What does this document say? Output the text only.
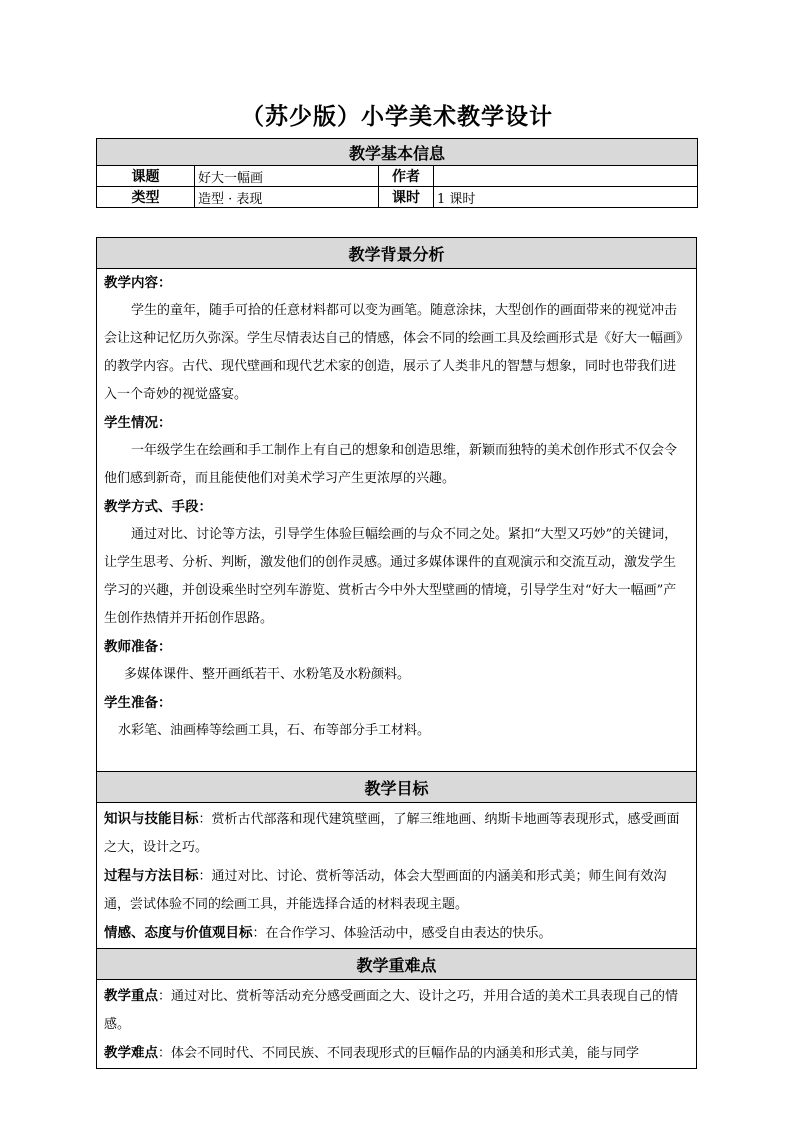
（苏少版）小学美术教学设计
教学基本信息			
课题	好大一幅画	作者	
类型	造型 · 表现	课时	1 课时
教学背景分析

教学内容：

学生的童年，随手可拾的任意材料都可以变为画笔。随意涂抹，大型创作的画面带来的视觉冲击会让这种记忆历久弥深。学生尽情表达自己的情感，体会不同的绘画工具及绘画形式是《好大一幅画》的教学内容。古代、现代壁画和现代艺术家的创造，展示了人类非凡的智慧与想象，同时也带我们进入一个奇妙的视觉盛宴。

学生情况：

一年级学生在绘画和手工制作上有自己的想象和创造思维，新颖而独特的美术创作形式不仅会令他们感到新奇，而且能使他们对美术学习产生更浓厚的兴趣。

教学方式、手段：

通过对比、讨论等方法，引导学生体验巨幅绘画的与众不同之处。紧扣“大型又巧妙”的关键词，让学生思考、分析、判断，激发他们的创作灵感。通过多媒体课件的直观演示和交流互动，激发学生学习的兴趣，并创设乘坐时空列车游览、赏析古今中外大型壁画的情境，引导学生对“好大一幅画”产生创作热情并开拓创作思路。

教师准备：

多媒体课件、整开画纸若干、水粉笔及水粉颜料。

学生准备：

水彩笔、油画棒等绘画工具，石、布等部分手工材料。

教学目标

知识与技能目标：赏析古代部落和现代建筑壁画，了解三维地画、纳斯卡地画等表现形式，感受画面之大，设计之巧。

过程与方法目标：通过对比、讨论、赏析等活动，体会大型画面的内涵美和形式美；师生间有效沟通，尝试体验不同的绘画工具，并能选择合适的材料表现主题。

情感、态度与价值观目标：在合作学习、体验活动中，感受自由表达的快乐。

教学重难点

教学重点：通过对比、赏析等活动充分感受画面之大、设计之巧，并用合适的美术工具表现自己的情感。

教学难点：体会不同时代、不同民族、不同表现形式的巨幅作品的内涵美和形式美，能与同学
